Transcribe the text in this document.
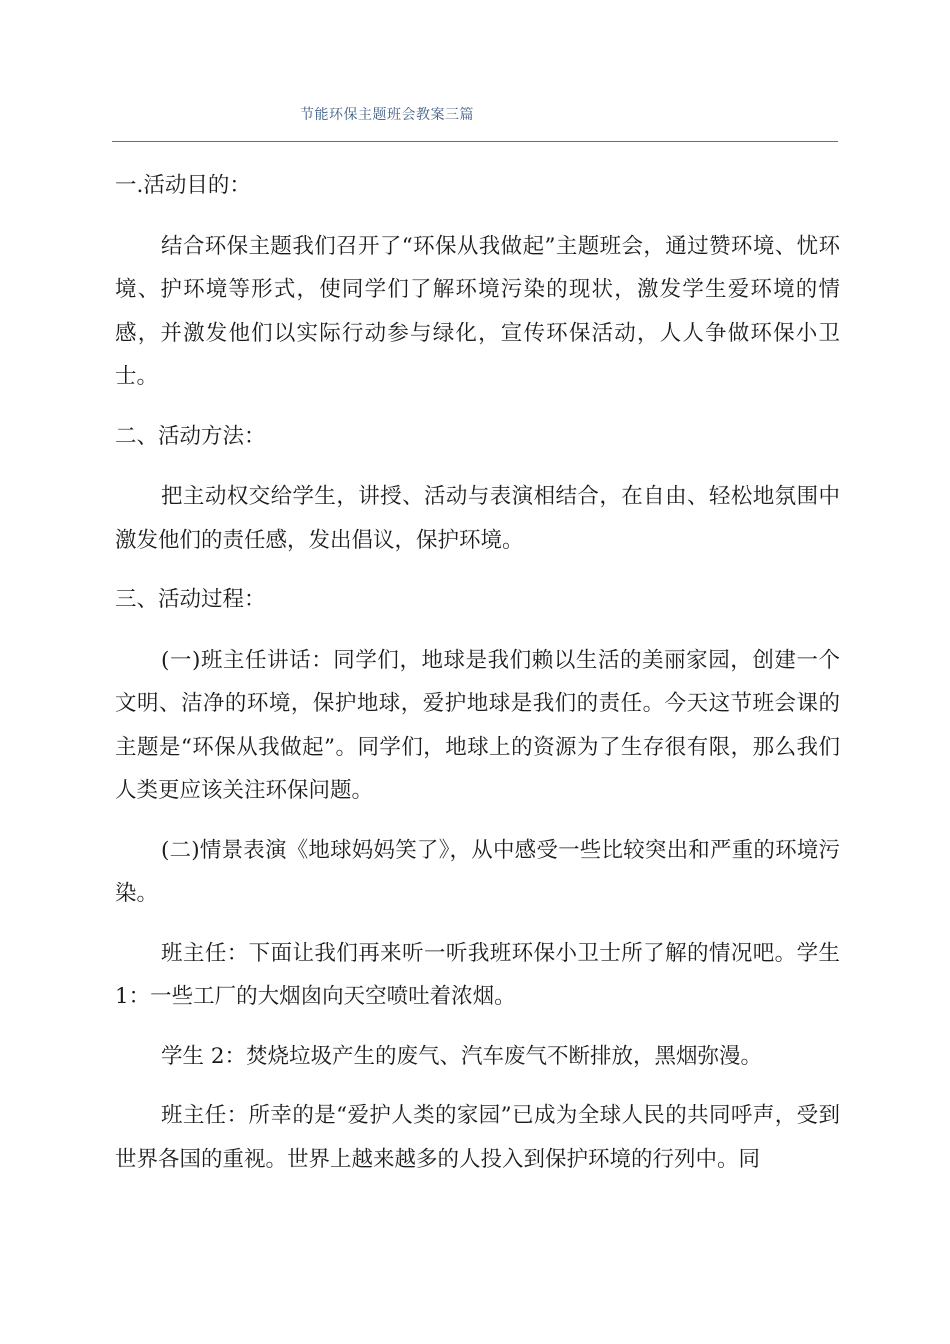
节能环保主题班会教案三篇

一.活动目的：

结合环保主题我们召开了“环保从我做起”主题班会，通过赞环境、忧环境、护环境等形式，使同学们了解环境污染的现状，激发学生爱环境的情感，并激发他们以实际行动参与绿化，宣传环保活动，人人争做环保小卫士。

二、活动方法：

把主动权交给学生，讲授、活动与表演相结合，在自由、轻松地氛围中激发他们的责任感，发出倡议，保护环境。

三、活动过程：

(一)班主任讲话：同学们，地球是我们赖以生活的美丽家园，创建一个文明、洁净的环境，保护地球，爱护地球是我们的责任。今天这节班会课的主题是“环保从我做起”。同学们，地球上的资源为了生存很有限，那么我们人类更应该关注环保问题。

(二)情景表演《地球妈妈笑了》，从中感受一些比较突出和严重的环境污染。

班主任：下面让我们再来听一听我班环保小卫士所了解的情况吧。学生 1：一些工厂的大烟囱向天空喷吐着浓烟。

学生 2：焚烧垃圾产生的废气、汽车废气不断排放，黑烟弥漫。

班主任：所幸的是“爱护人类的家园”已成为全球人民的共同呼声，受到世界各国的重视。世界上越来越多的人投入到保护环境的行列中。同
